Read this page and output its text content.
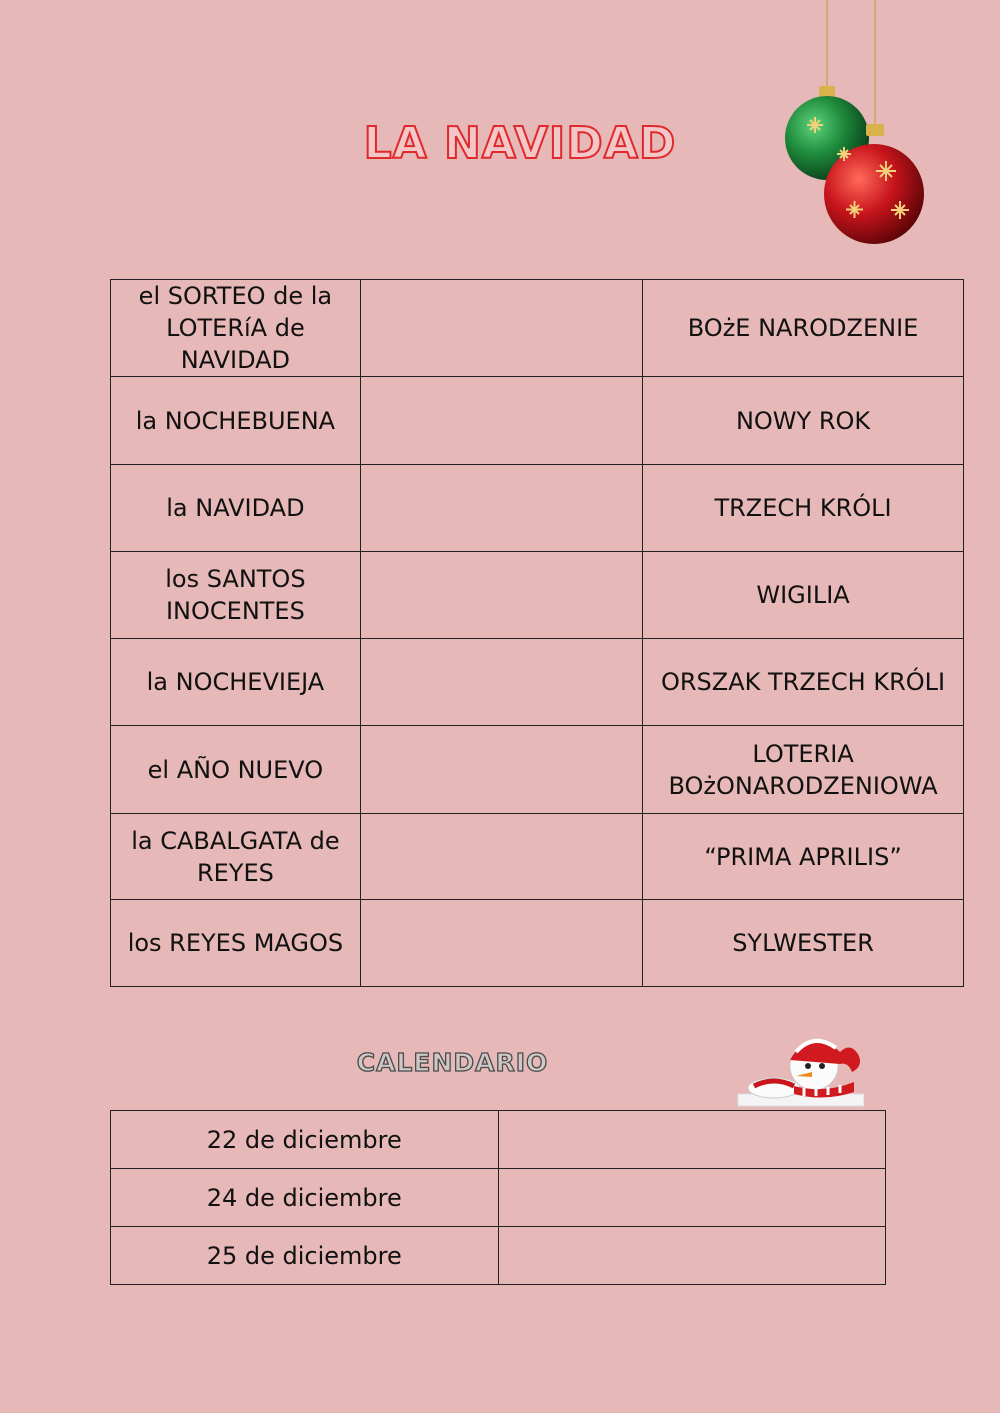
LA NAVIDAD
el SORTEO de la LOTERíA de NAVIDAD		BOżE NARODZENIE
la NOCHEBUENA		NOWY ROK
la NAVIDAD		TRZECH KRÓLI
los SANTOS INOCENTES		WIGILIA
la NOCHEVIEJA		ORSZAK TRZECH KRÓLI
el AÑO NUEVO		LOTERIA BOżONARODZENIOWA
la CABALGATA de REYES		“PRIMA APRILIS”
los REYES MAGOS		SYLWESTER
CALENDARIO
22 de diciembre	
24 de diciembre	
25 de diciembre	
